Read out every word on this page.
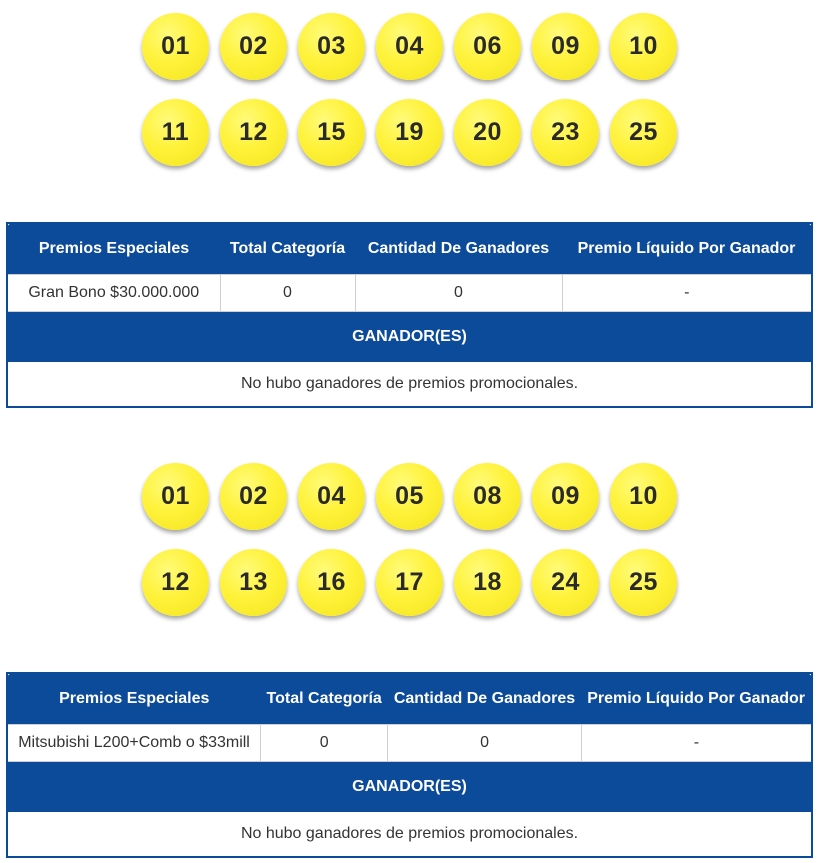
01	02	03	04	06	09	10
11	12	15	19	20	23	25
Premios Especiales	Total Categoría	Cantidad De Ganadores	Premio Líquido Por Ganador
Gran Bono $30.000.000	0	0	-
GANADOR(ES)			
No hubo ganadores de premios promocionales.			
01	02	04	05	08	09	10
12	13	16	17	18	24	25
Premios Especiales	Total Categoría	Cantidad De Ganadores	Premio Líquido Por Ganador
Mitsubishi L200+Comb o $33mill	0	0	-
GANADOR(ES)			
No hubo ganadores de premios promocionales.			
